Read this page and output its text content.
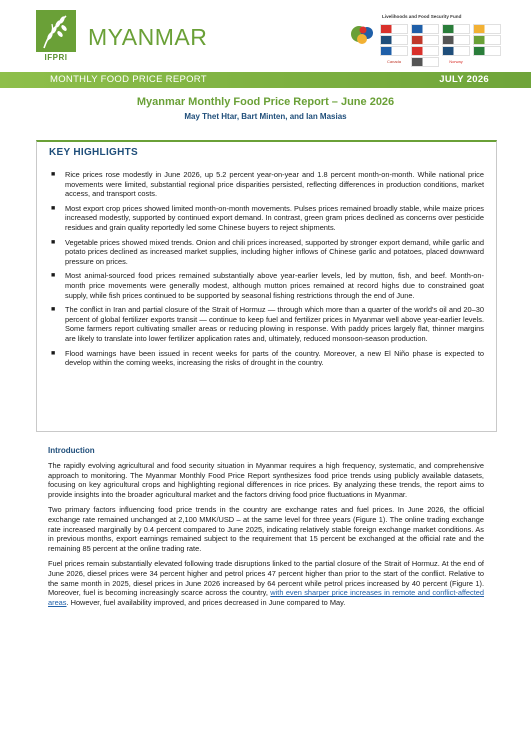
IFPRI
MYANMAR
Livelihoods and Food Security Fund
Canada	Norway
MONTHLY FOOD PRICE REPORT	JULY 2026
Myanmar Monthly Food Price Report – June 2026
May Thet Htar, Bart Minten, and Ian Masias
KEY HIGHLIGHTS
■ Rice prices rose modestly in June 2026, up 5.2 percent year-on-year and 1.8 percent month-on-month. While national price movements were limited, substantial regional price disparities persisted, reflecting differences in production conditions, market access, and transport costs.
■ Most export crop prices showed limited month-on-month movements. Pulses prices remained broadly stable, while maize prices increased modestly, supported by continued export demand. In contrast, green gram prices declined as concerns over pesticide residues and grain quality reportedly led some Chinese buyers to reject shipments.
■ Vegetable prices showed mixed trends. Onion and chili prices increased, supported by stronger export demand, while garlic and potato prices declined as increased market supplies, including higher inflows of Chinese garlic and potatoes, placed downward pressure on prices.
■ Most animal-sourced food prices remained substantially above year-earlier levels, led by mutton, fish, and beef. Month-on-month price movements were generally modest, although mutton prices remained at record highs due to constrained goat supply, while fish prices continued to be supported by seasonal fishing restrictions through the end of June.
■ The conflict in Iran and partial closure of the Strait of Hormuz — through which more than a quarter of the world's oil and 20–30 percent of global fertilizer exports transit — continue to keep fuel and fertilizer prices in Myanmar well above year-earlier levels. Some farmers report cultivating smaller areas or reducing plowing in response. With paddy prices largely flat, thinner margins are likely to translate into lower fertilizer application rates and, ultimately, reduced monsoon-season production.
■ Flood warnings have been issued in recent weeks for parts of the country. Moreover, a new El Niño phase is expected to develop within the coming weeks, increasing the risks of drought in the country.
Introduction

The rapidly evolving agricultural and food security situation in Myanmar requires a high frequency, systematic, and comprehensive approach to monitoring. The Myanmar Monthly Food Price Report synthesizes food price trends using publicly available datasets, focusing on key agricultural crops and highlighting regional differences in rice prices. By analyzing these trends, the report aims to provide insights into the broader agricultural market and the factors driving food price fluctuations in Myanmar.

Two primary factors influencing food price trends in the country are exchange rates and fuel prices. In June 2026, the official exchange rate remained unchanged at 2,100 MMK/USD – at the same level for three years (Figure 1). The online trading exchange rate increased marginally by 0.4 percent compared to June 2025, indicating relatively stable foreign exchange market conditions. As in previous months, export earnings remained subject to the requirement that 15 percent be exchanged at the official rate and the remaining 85 percent at the online trading rate.

Fuel prices remain substantially elevated following trade disruptions linked to the partial closure of the Strait of Hormuz. At the end of June 2026, diesel prices were 34 percent higher and petrol prices 47 percent higher than prior to the start of the conflict. Relative to the same month in 2025, diesel prices in June 2026 increased by 64 percent while petrol prices increased by 40 percent (Figure 1). Moreover, fuel is becoming increasingly scarce across the country, with even sharper price increases in remote and conflict-affected areas. However, fuel availability improved, and prices decreased in June compared to May.
